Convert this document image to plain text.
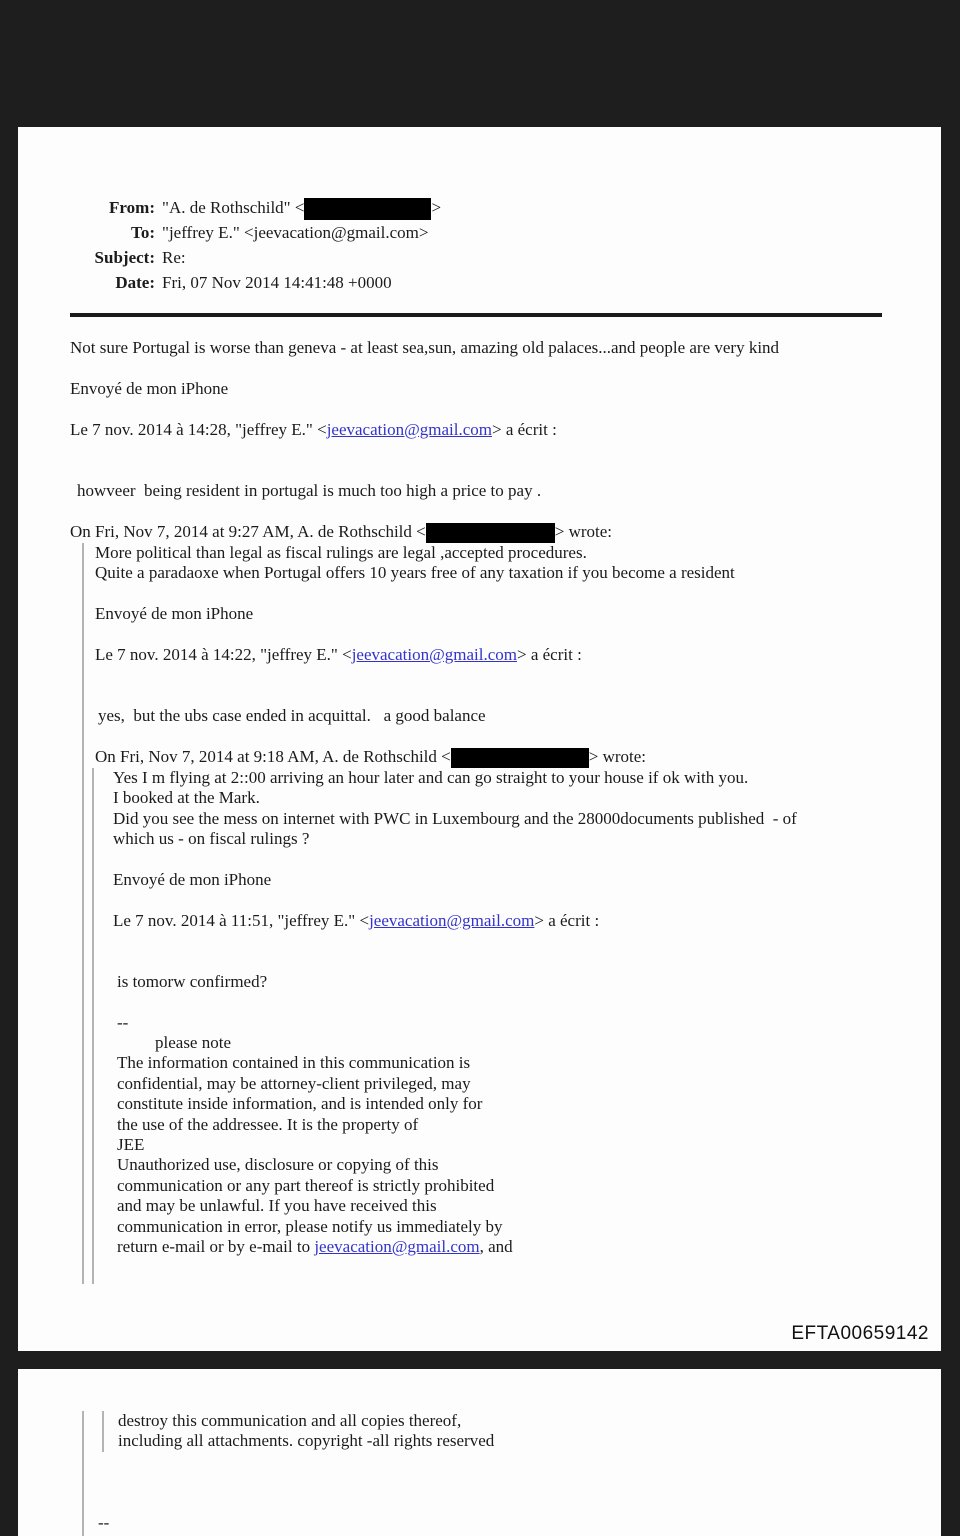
From: "A. de Rothschild" <	>
To: "jeffrey E." <jeevacation@gmail.com>
Subject: Re:
Date: Fri, 07 Nov 2014 14:41:48 +0000
Not sure Portugal is worse than geneva - at least sea,sun, amazing old palaces...and people are very kind
Envoyé de mon iPhone
Le 7 nov. 2014 à 14:28, "jeffrey E." <jeevacation@gmail.com> a écrit :
howveer  being resident in portugal is much too high a price to pay .
On Fri, Nov 7, 2014 at 9:27 AM, A. de Rothschild <	> wrote:
More political than legal as fiscal rulings are legal ,accepted procedures.
Quite a paradaoxe when Portugal offers 10 years free of any taxation if you become a resident
Envoyé de mon iPhone
Le 7 nov. 2014 à 14:22, "jeffrey E." <jeevacation@gmail.com> a écrit :
yes,  but the ubs case ended in acquittal.   a good balance
On Fri, Nov 7, 2014 at 9:18 AM, A. de Rothschild <	> wrote:
Yes I m flying at 2::00 arriving an hour later and can go straight to your house if ok with you.
I booked at the Mark.
Did you see the mess on internet with PWC in Luxembourg and the 28000documents published  - of
which us - on fiscal rulings ?
Envoyé de mon iPhone
Le 7 nov. 2014 à 11:51, "jeffrey E." <jeevacation@gmail.com> a écrit :
is tomorw confirmed?
--
please note
The information contained in this communication is
confidential, may be attorney-client privileged, may
constitute inside information, and is intended only for
the use of the addressee. It is the property of
JEE
Unauthorized use, disclosure or copying of this
communication or any part thereof is strictly prohibited
and may be unlawful. If you have received this
communication in error, please notify us immediately by
return e-mail or by e-mail to jeevacation@gmail.com, and
EFTA00659142
destroy this communication and all copies thereof,
including all attachments. copyright -all rights reserved
--
